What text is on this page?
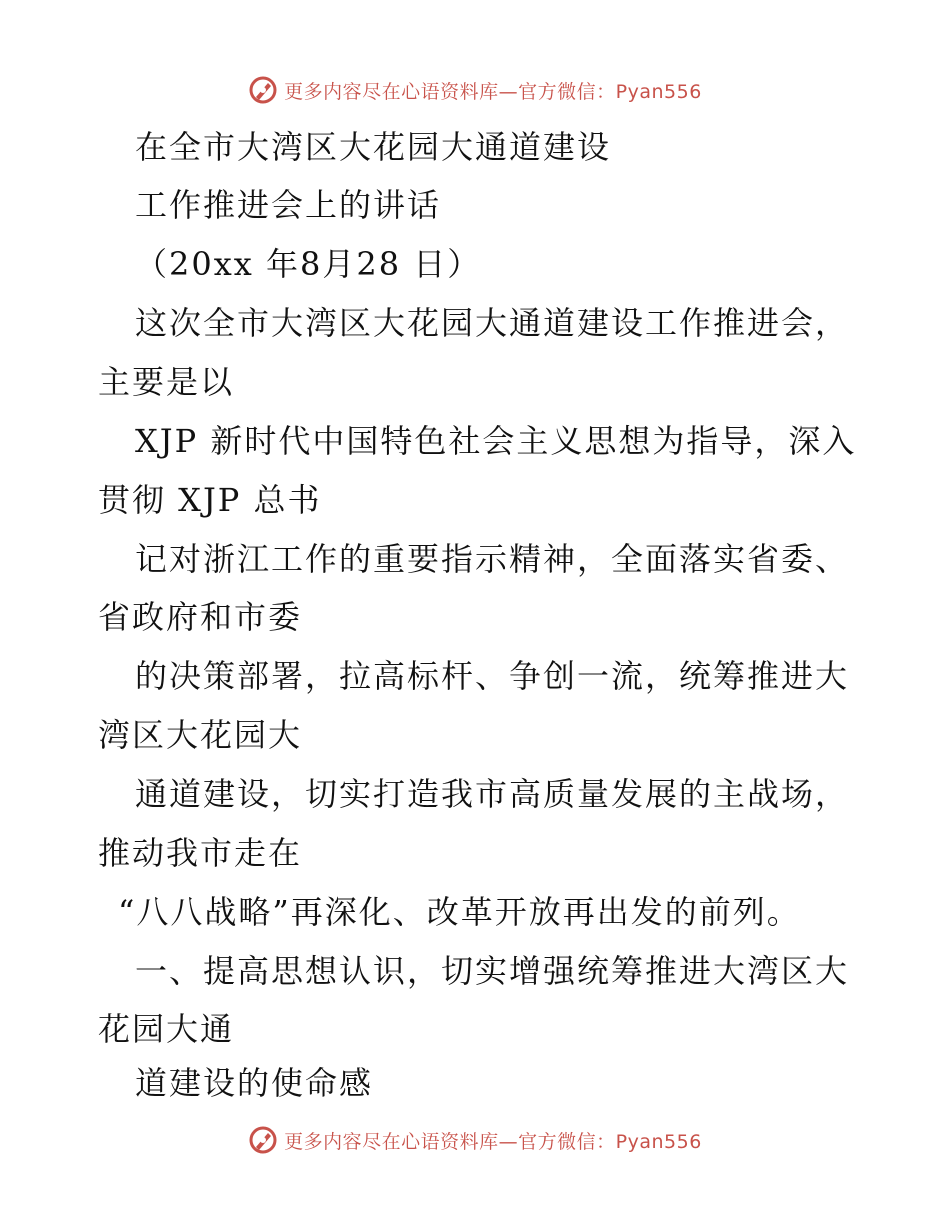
更多内容尽在心语资料库—官方微信：Pyan556
在全市大湾区大花园大通道建设
工作推进会上的讲话
（20xx 年8月28 日）
这次全市大湾区大花园大通道建设工作推进会，
主要是以
XJP 新时代中国特色社会主义思想为指导，深入
贯彻 XJP 总书
记对浙江工作的重要指示精神，全面落实省委、
省政府和市委
的决策部署，拉高标杆、争创一流，统筹推进大
湾区大花园大
通道建设，切实打造我市高质量发展的主战场，
推动我市走在
“八八战略”再深化、改革开放再出发的前列。
一、提高思想认识，切实增强统筹推进大湾区大
花园大通
道建设的使命感
更多内容尽在心语资料库—官方微信：Pyan556
